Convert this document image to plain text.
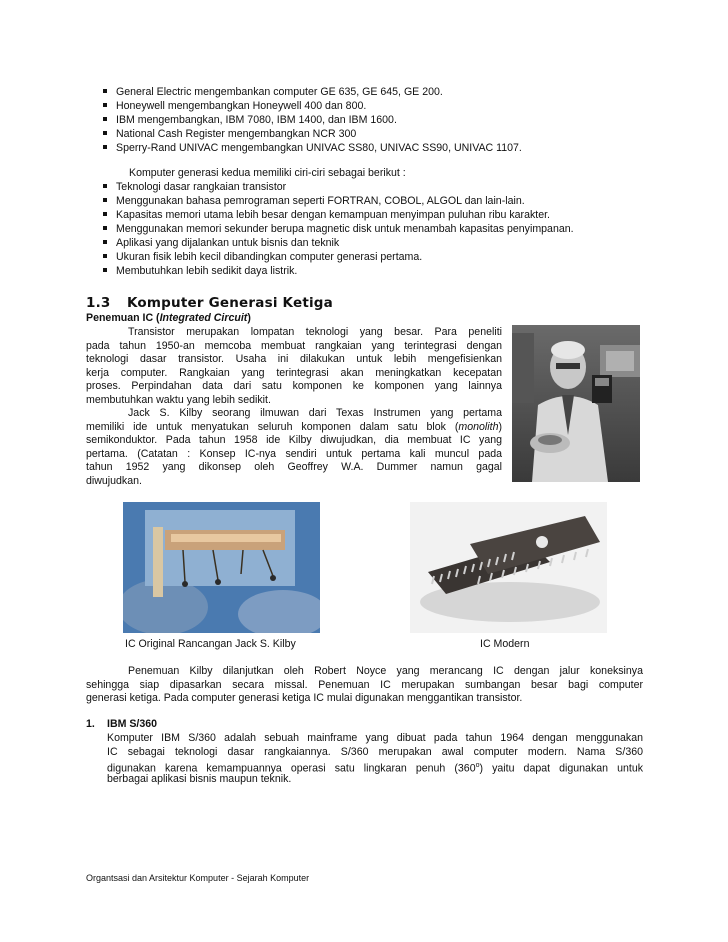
General Electric mengembankan computer GE 635, GE 645, GE 200.
Honeywell mengembangkan Honeywell 400 dan 800.
IBM mengembangkan, IBM 7080, IBM 1400, dan IBM 1600.
National Cash Register mengembangkan NCR 300
Sperry-Rand UNIVAC mengembangkan UNIVAC SS80, UNIVAC SS90, UNIVAC 1107.
Komputer generasi kedua memiliki ciri-ciri sebagai berikut :
Teknologi dasar rangkaian transistor
Menggunakan bahasa pemrograman seperti FORTRAN, COBOL, ALGOL dan lain-lain.
Kapasitas memori utama lebih besar dengan kemampuan menyimpan puluhan ribu karakter.
Menggunakan memori sekunder berupa magnetic disk untuk menambah kapasitas penyimpanan.
Aplikasi yang dijalankan untuk bisnis dan teknik
Ukuran fisik lebih kecil dibandingkan computer generasi pertama.
Membutuhkan lebih sedikit daya listrik.
1.3 Komputer Generasi Ketiga
Penemuan IC (Integrated Circuit)
Transistor merupakan lompatan teknologi yang besar. Para peneliti
pada tahun 1950-an memcoba membuat rangkaian yang terintegrasi dengan
teknologi dasar transistor. Usaha ini dilakukan untuk lebih mengefisienkan
kerja computer. Rangkaian yang terintegrasi akan meningkatkan kecepatan
proses. Perpindahan data dari satu komponen ke komponen yang lainnya
membutuhkan waktu yang lebih sedikit.
Jack S. Kilby seorang ilmuwan dari Texas Instrumen yang pertama
memiliki ide untuk menyatukan seluruh komponen dalam satu blok (monolith)
semikonduktor. Pada tahun 1958 ide Kilby diwujudkan, dia membuat IC yang
pertama. (Catatan : Konsep IC-nya sendiri untuk pertama kali muncul pada
tahun 1952 yang dikonsep oleh Geoffrey W.A. Dummer namun gagal
diwujudkan.
IC Original Rancangan Jack S. Kilby	IC Modern
Penemuan Kilby dilanjutkan oleh Robert Noyce yang merancang IC dengan jalur koneksinya
sehingga siap dipasarkan secara missal. Penemuan IC merupakan sumbangan besar bagi computer
generasi ketiga. Pada computer generasi ketiga IC mulai digunakan menggantikan transistor.
1. IBM S/360
Komputer IBM S/360 adalah sebuah mainframe yang dibuat pada tahun 1964 dengan menggunakan
IC sebagai teknologi dasar rangkaiannya. S/360 merupakan awal computer modern. Nama S/360
digunakan karena kemampuannya operasi satu lingkaran penuh (360$^o$) yaitu dapat digunakan untuk
berbagai aplikasi bisnis maupun teknik.
Organtsasi dan Arsitektur Komputer - Sejarah Komputer
